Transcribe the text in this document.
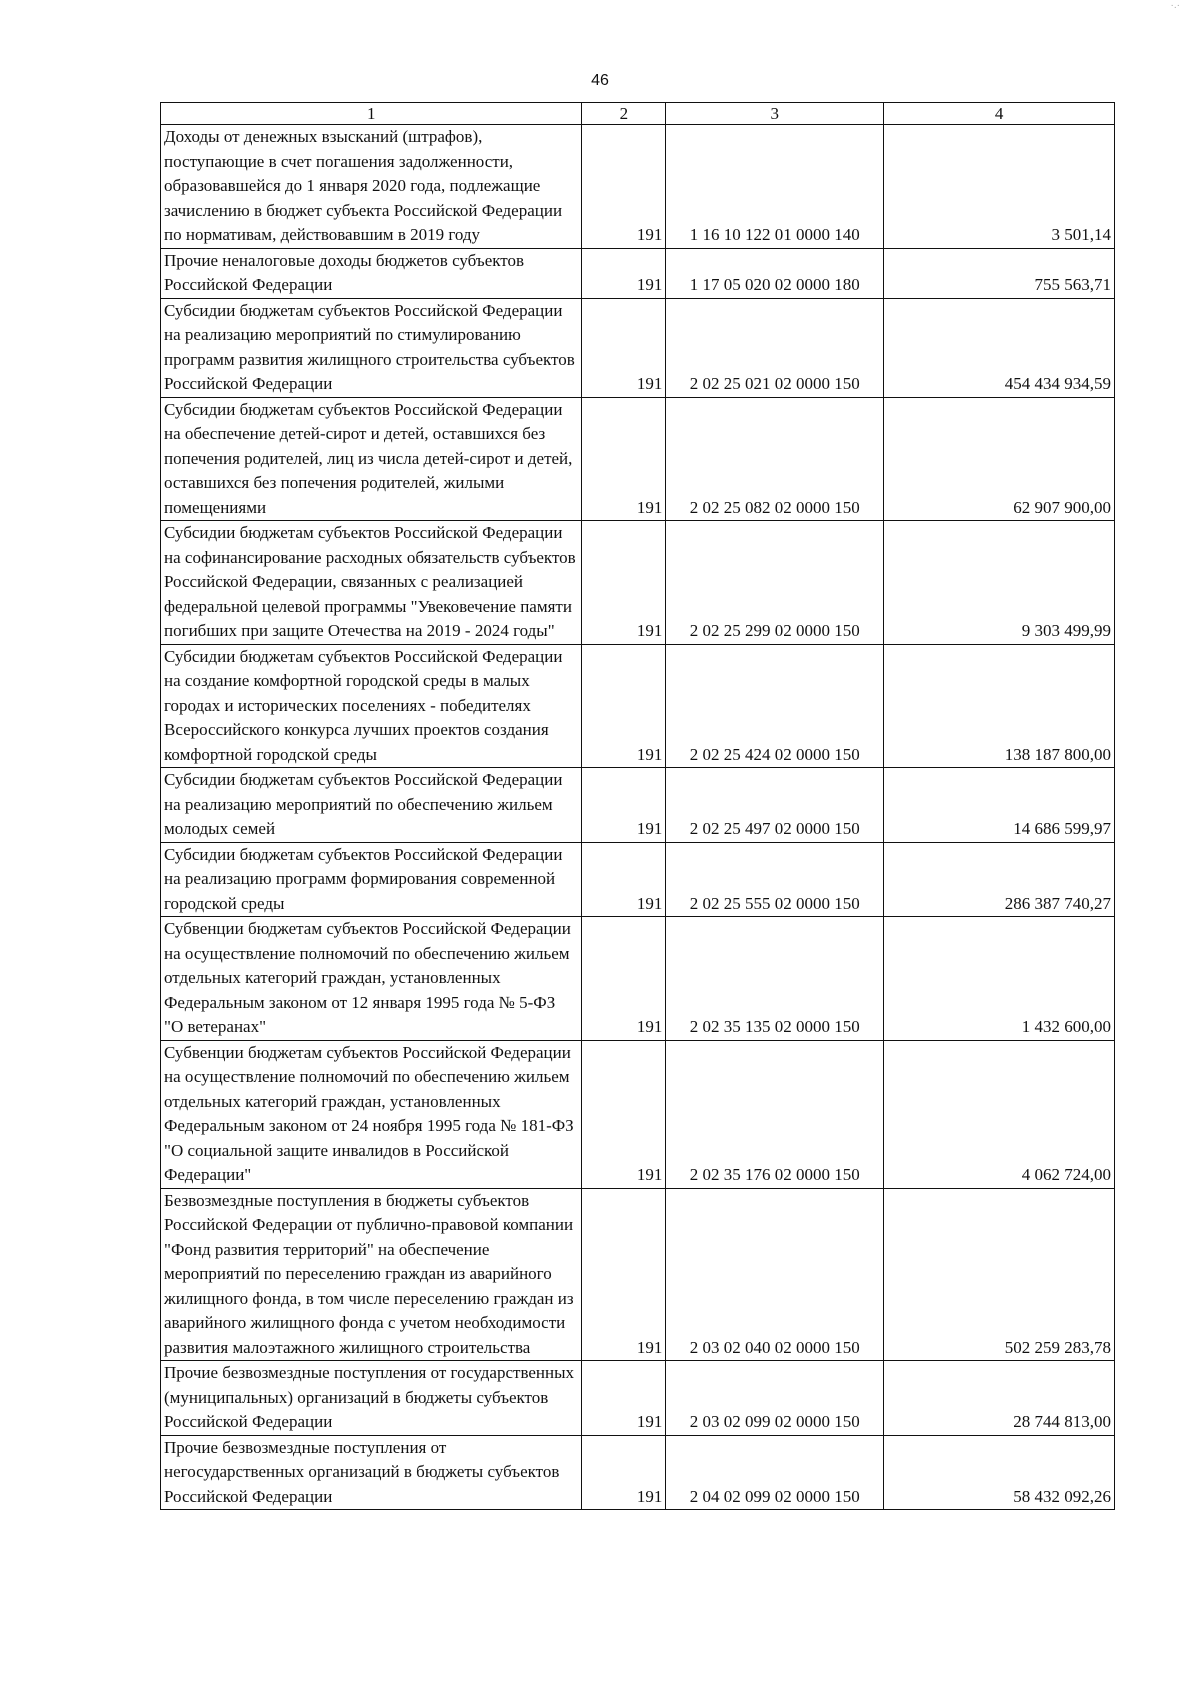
46
1	2	3	4
Доходы от денежных взысканий (штрафов), поступающие в счет погашения задолженности, образовавшейся до 1 января 2020 года, подлежащие зачислению в бюджет субъекта Российской Федерации по нормативам, действовавшим в 2019 году	191	1 16 10 122 01 0000 140	3 501,14
Прочие неналоговые доходы бюджетов субъектов Российской Федерации	191	1 17 05 020 02 0000 180	755 563,71
Субсидии бюджетам субъектов Российской Федерации на реализацию мероприятий по стимулированию программ развития жилищного строительства субъектов Российской Федерации	191	2 02 25 021 02 0000 150	454 434 934,59
Субсидии бюджетам субъектов Российской Федерации на обеспечение детей-сирот и детей, оставшихся без попечения родителей, лиц из числа детей-сирот и детей, оставшихся без попечения родителей, жилыми помещениями	191	2 02 25 082 02 0000 150	62 907 900,00
Субсидии бюджетам субъектов Российской Федерации на софинансирование расходных обязательств субъектов Российской Федерации, связанных с реализацией федеральной целевой программы "Увековечение памяти погибших при защите Отечества на 2019 - 2024 годы"	191	2 02 25 299 02 0000 150	9 303 499,99
Субсидии бюджетам субъектов Российской Федерации на создание комфортной городской среды в малых городах и исторических поселениях - победителях Всероссийского конкурса лучших проектов создания комфортной городской среды	191	2 02 25 424 02 0000 150	138 187 800,00
Субсидии бюджетам субъектов Российской Федерации на реализацию мероприятий по обеспечению жильем молодых семей	191	2 02 25 497 02 0000 150	14 686 599,97
Субсидии бюджетам субъектов Российской Федерации на реализацию программ формирования современной городской среды	191	2 02 25 555 02 0000 150	286 387 740,27
Субвенции бюджетам субъектов Российской Федерации на осуществление полномочий по обеспечению жильем отдельных категорий граждан, установленных Федеральным законом от 12 января 1995 года № 5-ФЗ "О ветеранах"	191	2 02 35 135 02 0000 150	1 432 600,00
Субвенции бюджетам субъектов Российской Федерации на осуществление полномочий по обеспечению жильем отдельных категорий граждан, установленных Федеральным законом от 24 ноября 1995 года № 181-ФЗ "О социальной защите инвалидов в Российской Федерации"	191	2 02 35 176 02 0000 150	4 062 724,00
Безвозмездные поступления в бюджеты субъектов Российской Федерации от публично-правовой компании "Фонд развития территорий" на обеспечение мероприятий по переселению граждан из аварийного жилищного фонда, в том числе переселению граждан из аварийного жилищного фонда с учетом необходимости развития малоэтажного жилищного строительства	191	2 03 02 040 02 0000 150	502 259 283,78
Прочие безвозмездные поступления от государственных (муниципальных) организаций в бюджеты субъектов Российской Федерации	191	2 03 02 099 02 0000 150	28 744 813,00
Прочие безвозмездные поступления от негосударственных организаций в бюджеты субъектов Российской Федерации	191	2 04 02 099 02 0000 150	58 432 092,26
·.·
